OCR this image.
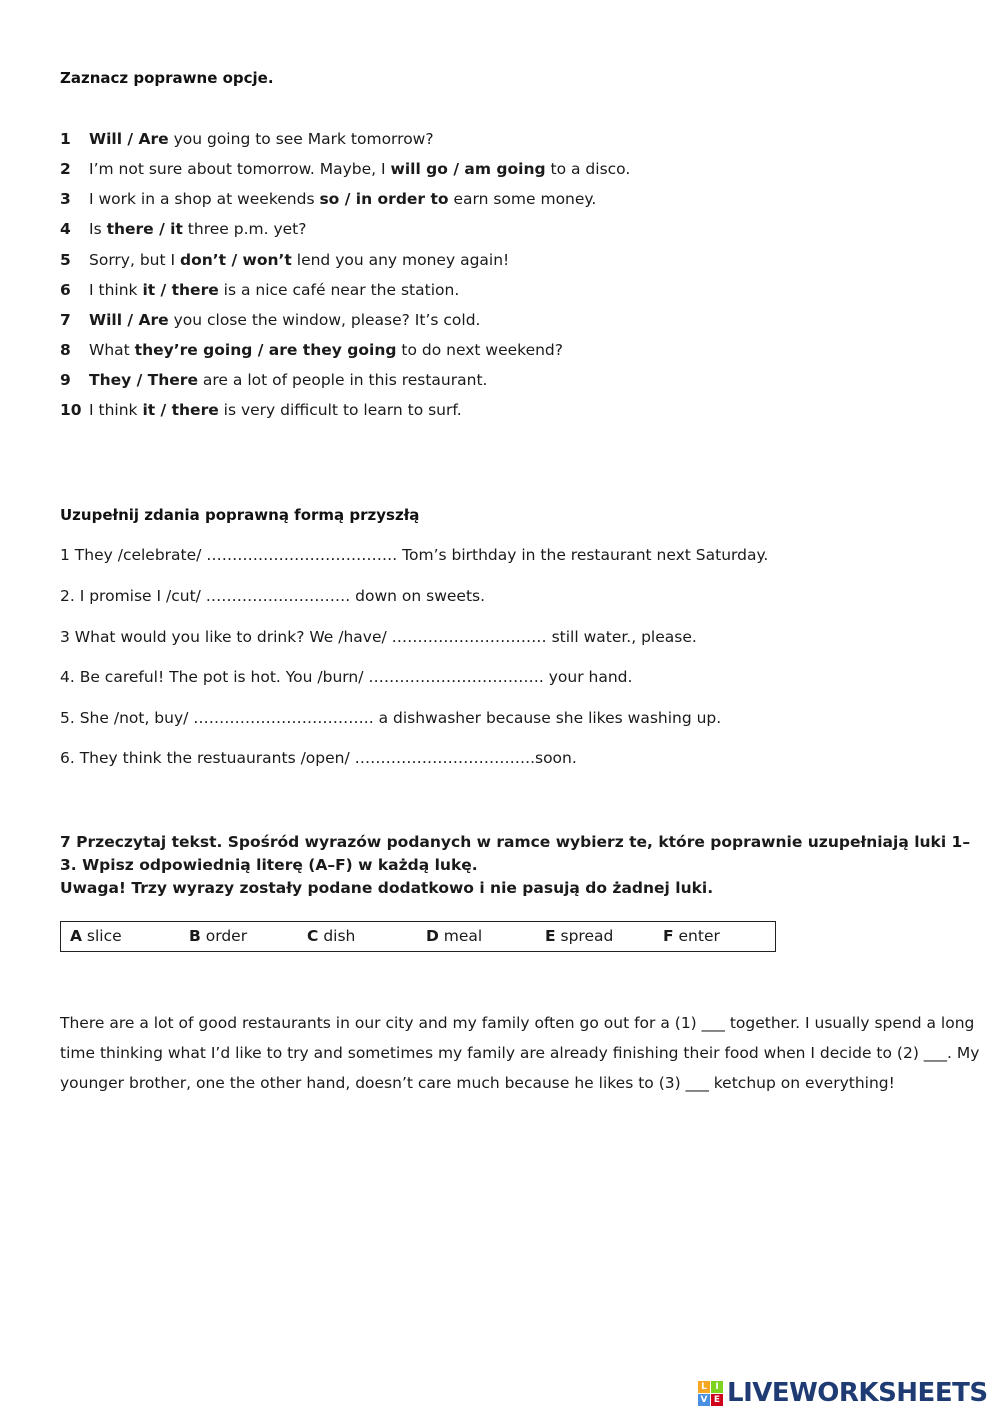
Zaznacz poprawne opcje.
1 Will / Are you going to see Mark tomorrow?
2 I’m not sure about tomorrow. Maybe, I will go / am going to a disco.
3 I work in a shop at weekends so / in order to earn some money.
4 Is there / it three p.m. yet?
5 Sorry, but I don’t / won’t lend you any money again!
6 I think it / there is a nice café near the station.
7 Will / Are you close the window, please? It’s cold.
8 What they’re going / are they going to do next weekend?
9 They / There are a lot of people in this restaurant.
10 I think it / there is very difficult to learn to surf.
Uzupełnij zdania poprawną formą przyszłą
1 They /celebrate/ ………………………………. Tom’s birthday in the restaurant next Saturday.
2. I promise I /cut/ ………………………. down on sweets.
3 What would you like to drink? We /have/ ………………………… still water., please.
4. Be careful! The pot is hot. You /burn/ ……………………………. your hand.
5. She /not, buy/ …………………………….. a dishwasher because she likes washing up.
6. They think the restuaurants /open/ ……………………………..soon.
7 Przeczytaj tekst. Spośród wyrazów podanych w ramce wybierz te, które poprawnie uzupełniają luki 1–
3. Wpisz odpowiednią literę (A–F) w każdą lukę.
Uwaga! Trzy wyrazy zostały podane dodatkowo i nie pasują do żadnej luki.
A slice	B order	C dish	D meal	E spread	F enter
There are a lot of good restaurants in our city and my family often go out for a (1) ___ together. I usually spend a long
time thinking what I’d like to try and sometimes my family are already finishing their food when I decide to (2) ___. My
younger brother, one the other hand, doesn’t care much because he likes to (3) ___ ketchup on everything!
L I
V E LIVEWORKSHEETS
